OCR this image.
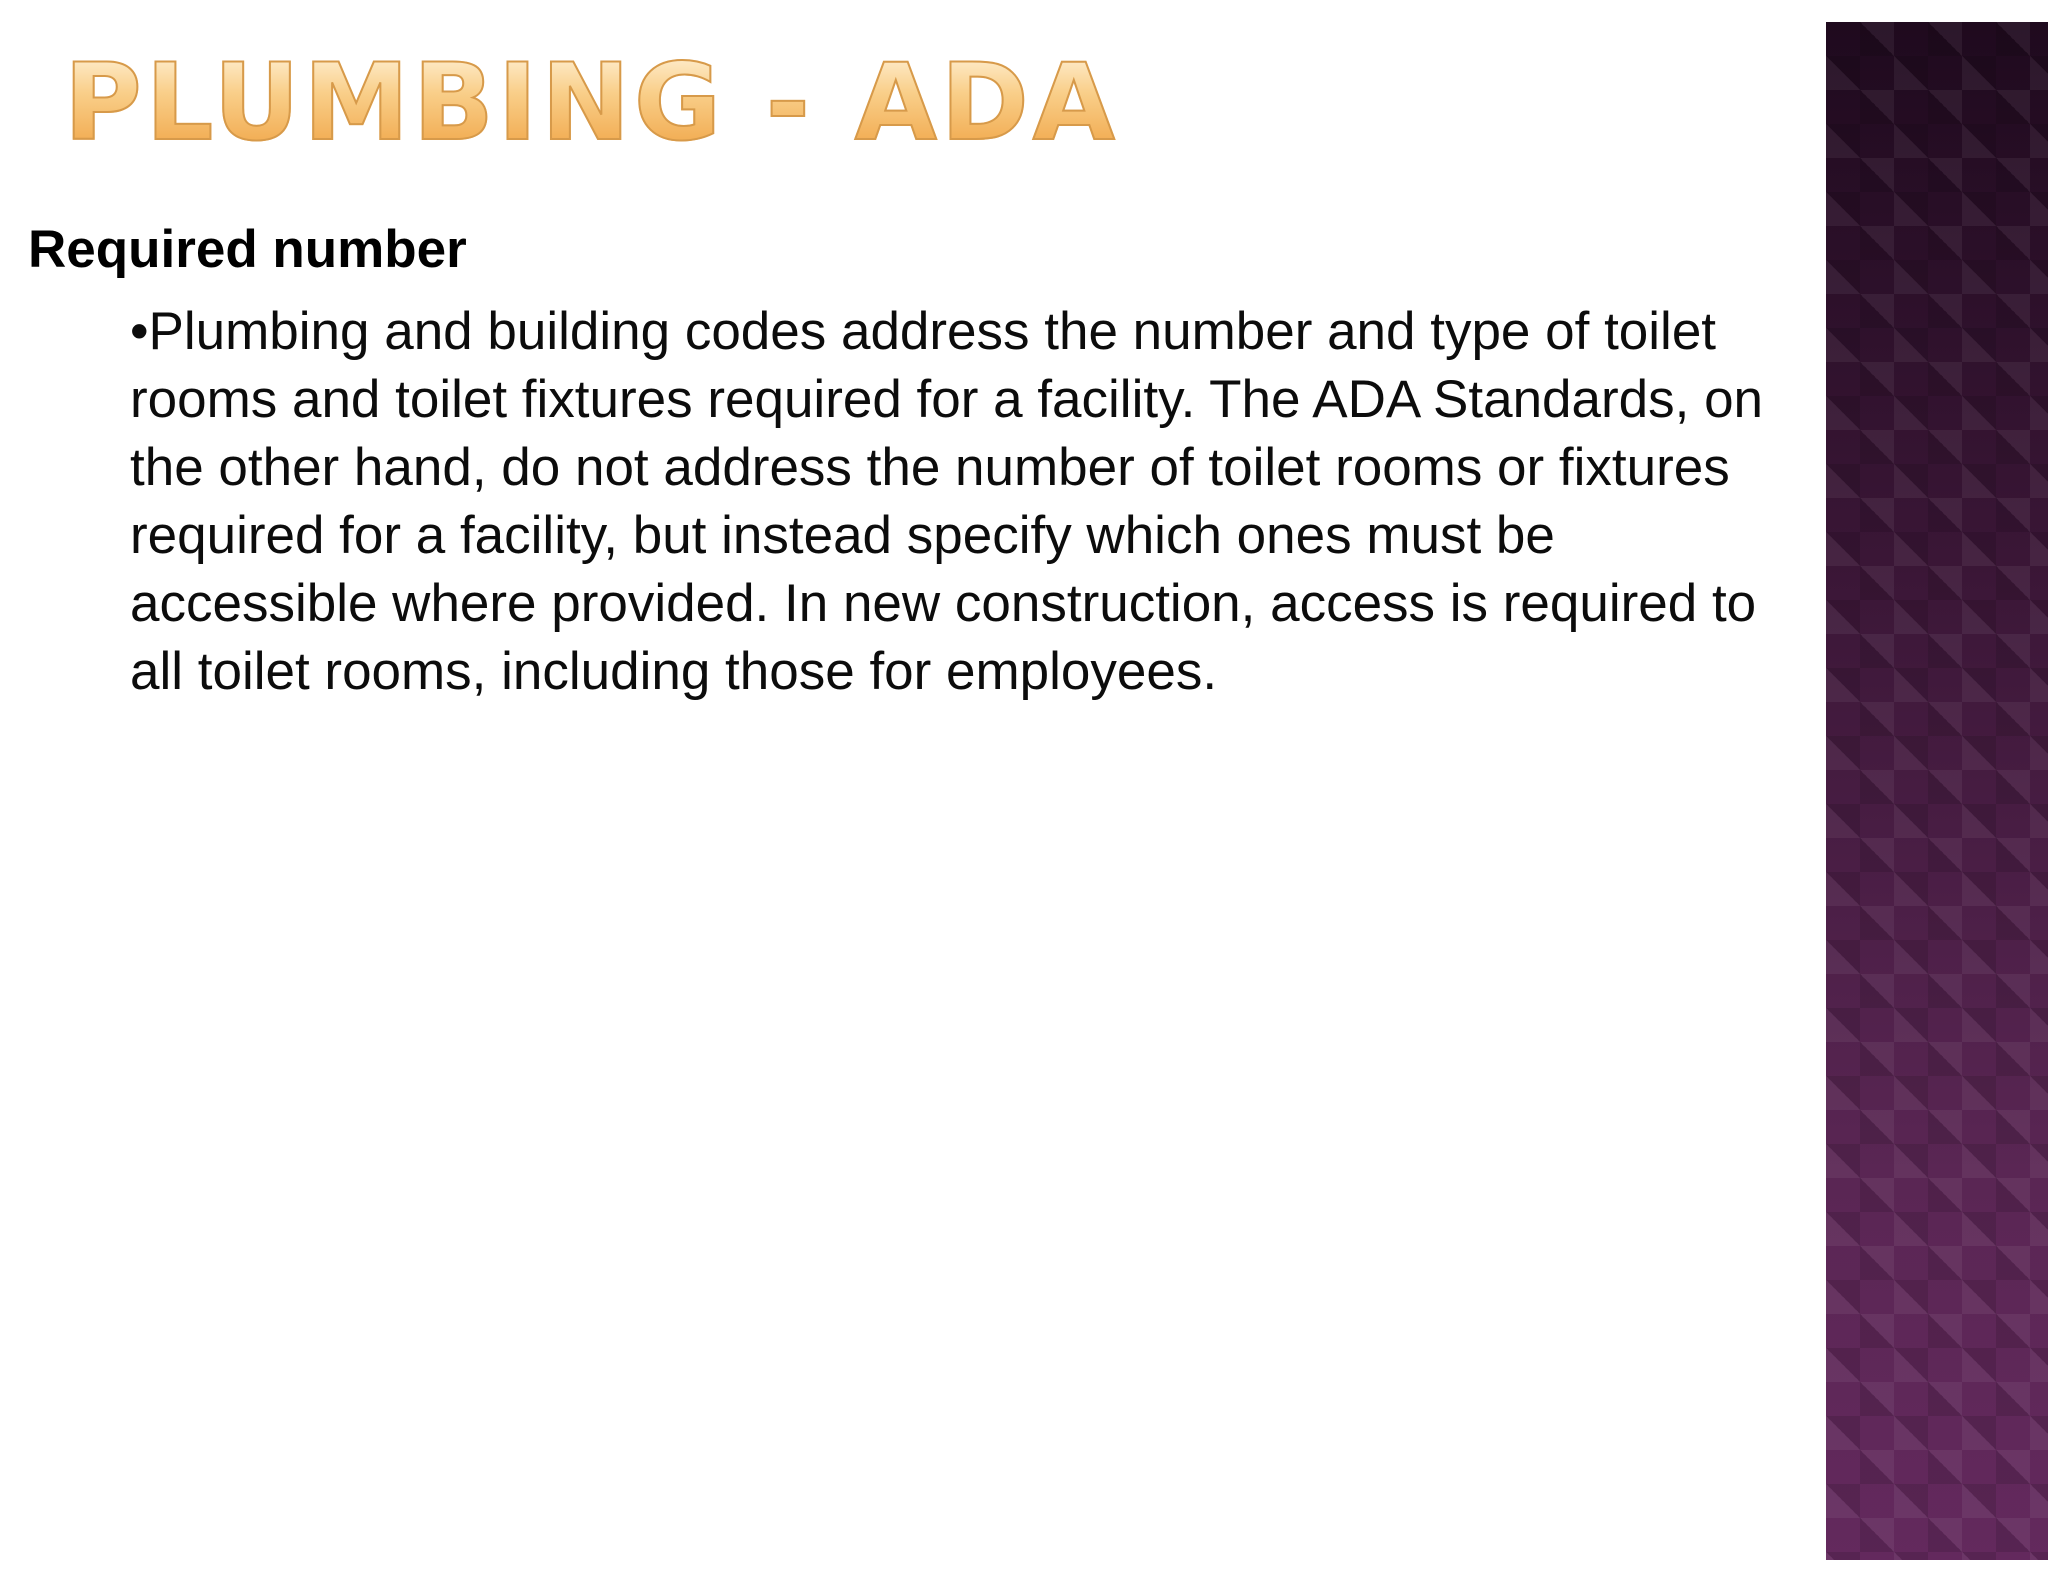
PLUMBING - ADA
Required number

•Plumbing and building codes address the number and type of toilet rooms and toilet fixtures required for a facility. The ADA Standards, on the other hand, do not address the number of toilet rooms or fixtures required for a facility, but instead specify which ones must be accessible where provided. In new construction, access is required to all toilet rooms, including those for employees.
